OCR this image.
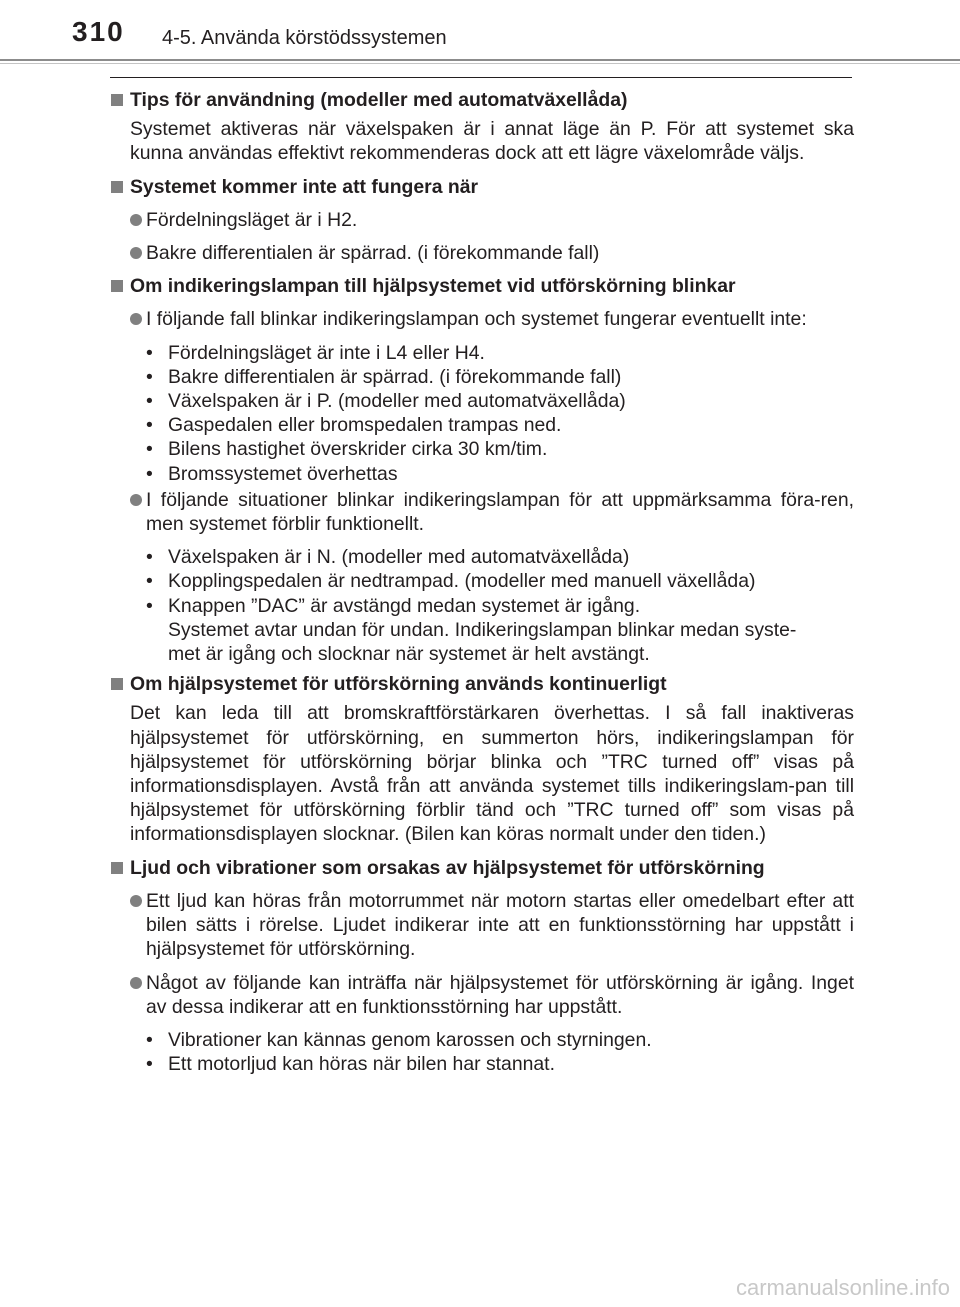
310 4-5. Använda körstödssystemen
Tips för användning (modeller med automatväxellåda)
Systemet aktiveras när växelspaken är i annat läge än P. För att systemet ska kunna användas effektivt rekommenderas dock att ett lägre växelområde väljs.
Systemet kommer inte att fungera när
Fördelningsläget är i H2.
Bakre differentialen är spärrad. (i förekommande fall)
Om indikeringslampan till hjälpsystemet vid utförskörning blinkar
I följande fall blinkar indikeringslampan och systemet fungerar eventuellt inte:
• Fördelningsläget är inte i L4 eller H4.
• Bakre differentialen är spärrad. (i förekommande fall)
• Växelspaken är i P. (modeller med automatväxellåda)
• Gaspedalen eller bromspedalen trampas ned.
• Bilens hastighet överskrider cirka 30 km/tim.
• Bromssystemet överhettas
I följande situationer blinkar indikeringslampan för att uppmärksamma föra-ren, men systemet förblir funktionellt.
• Växelspaken är i N. (modeller med automatväxellåda)
• Kopplingspedalen är nedtrampad. (modeller med manuell växellåda)
• Knappen ”DAC” är avstängd medan systemet är igång.
Systemet avtar undan för undan. Indikeringslampan blinkar medan syste-
met är igång och slocknar när systemet är helt avstängt.
Om hjälpsystemet för utförskörning används kontinuerligt
Det kan leda till att bromskraftförstärkaren överhettas. I så fall inaktiveras hjälpsystemet för utförskörning, en summerton hörs, indikeringslampan för hjälpsystemet för utförskörning börjar blinka och ”TRC turned off” visas på informationsdisplayen. Avstå från att använda systemet tills indikeringslam-pan till hjälpsystemet för utförskörning förblir tänd och ”TRC turned off” som visas på informationsdisplayen slocknar. (Bilen kan köras normalt under den tiden.)
Ljud och vibrationer som orsakas av hjälpsystemet för utförskörning
Ett ljud kan höras från motorrummet när motorn startas eller omedelbart efter att bilen sätts i rörelse. Ljudet indikerar inte att en funktionsstörning har uppstått i hjälpsystemet för utförskörning.
Något av följande kan inträffa när hjälpsystemet för utförskörning är igång. Inget av dessa indikerar att en funktionsstörning har uppstått.
• Vibrationer kan kännas genom karossen och styrningen.
• Ett motorljud kan höras när bilen har stannat.
carmanualsonline.info
